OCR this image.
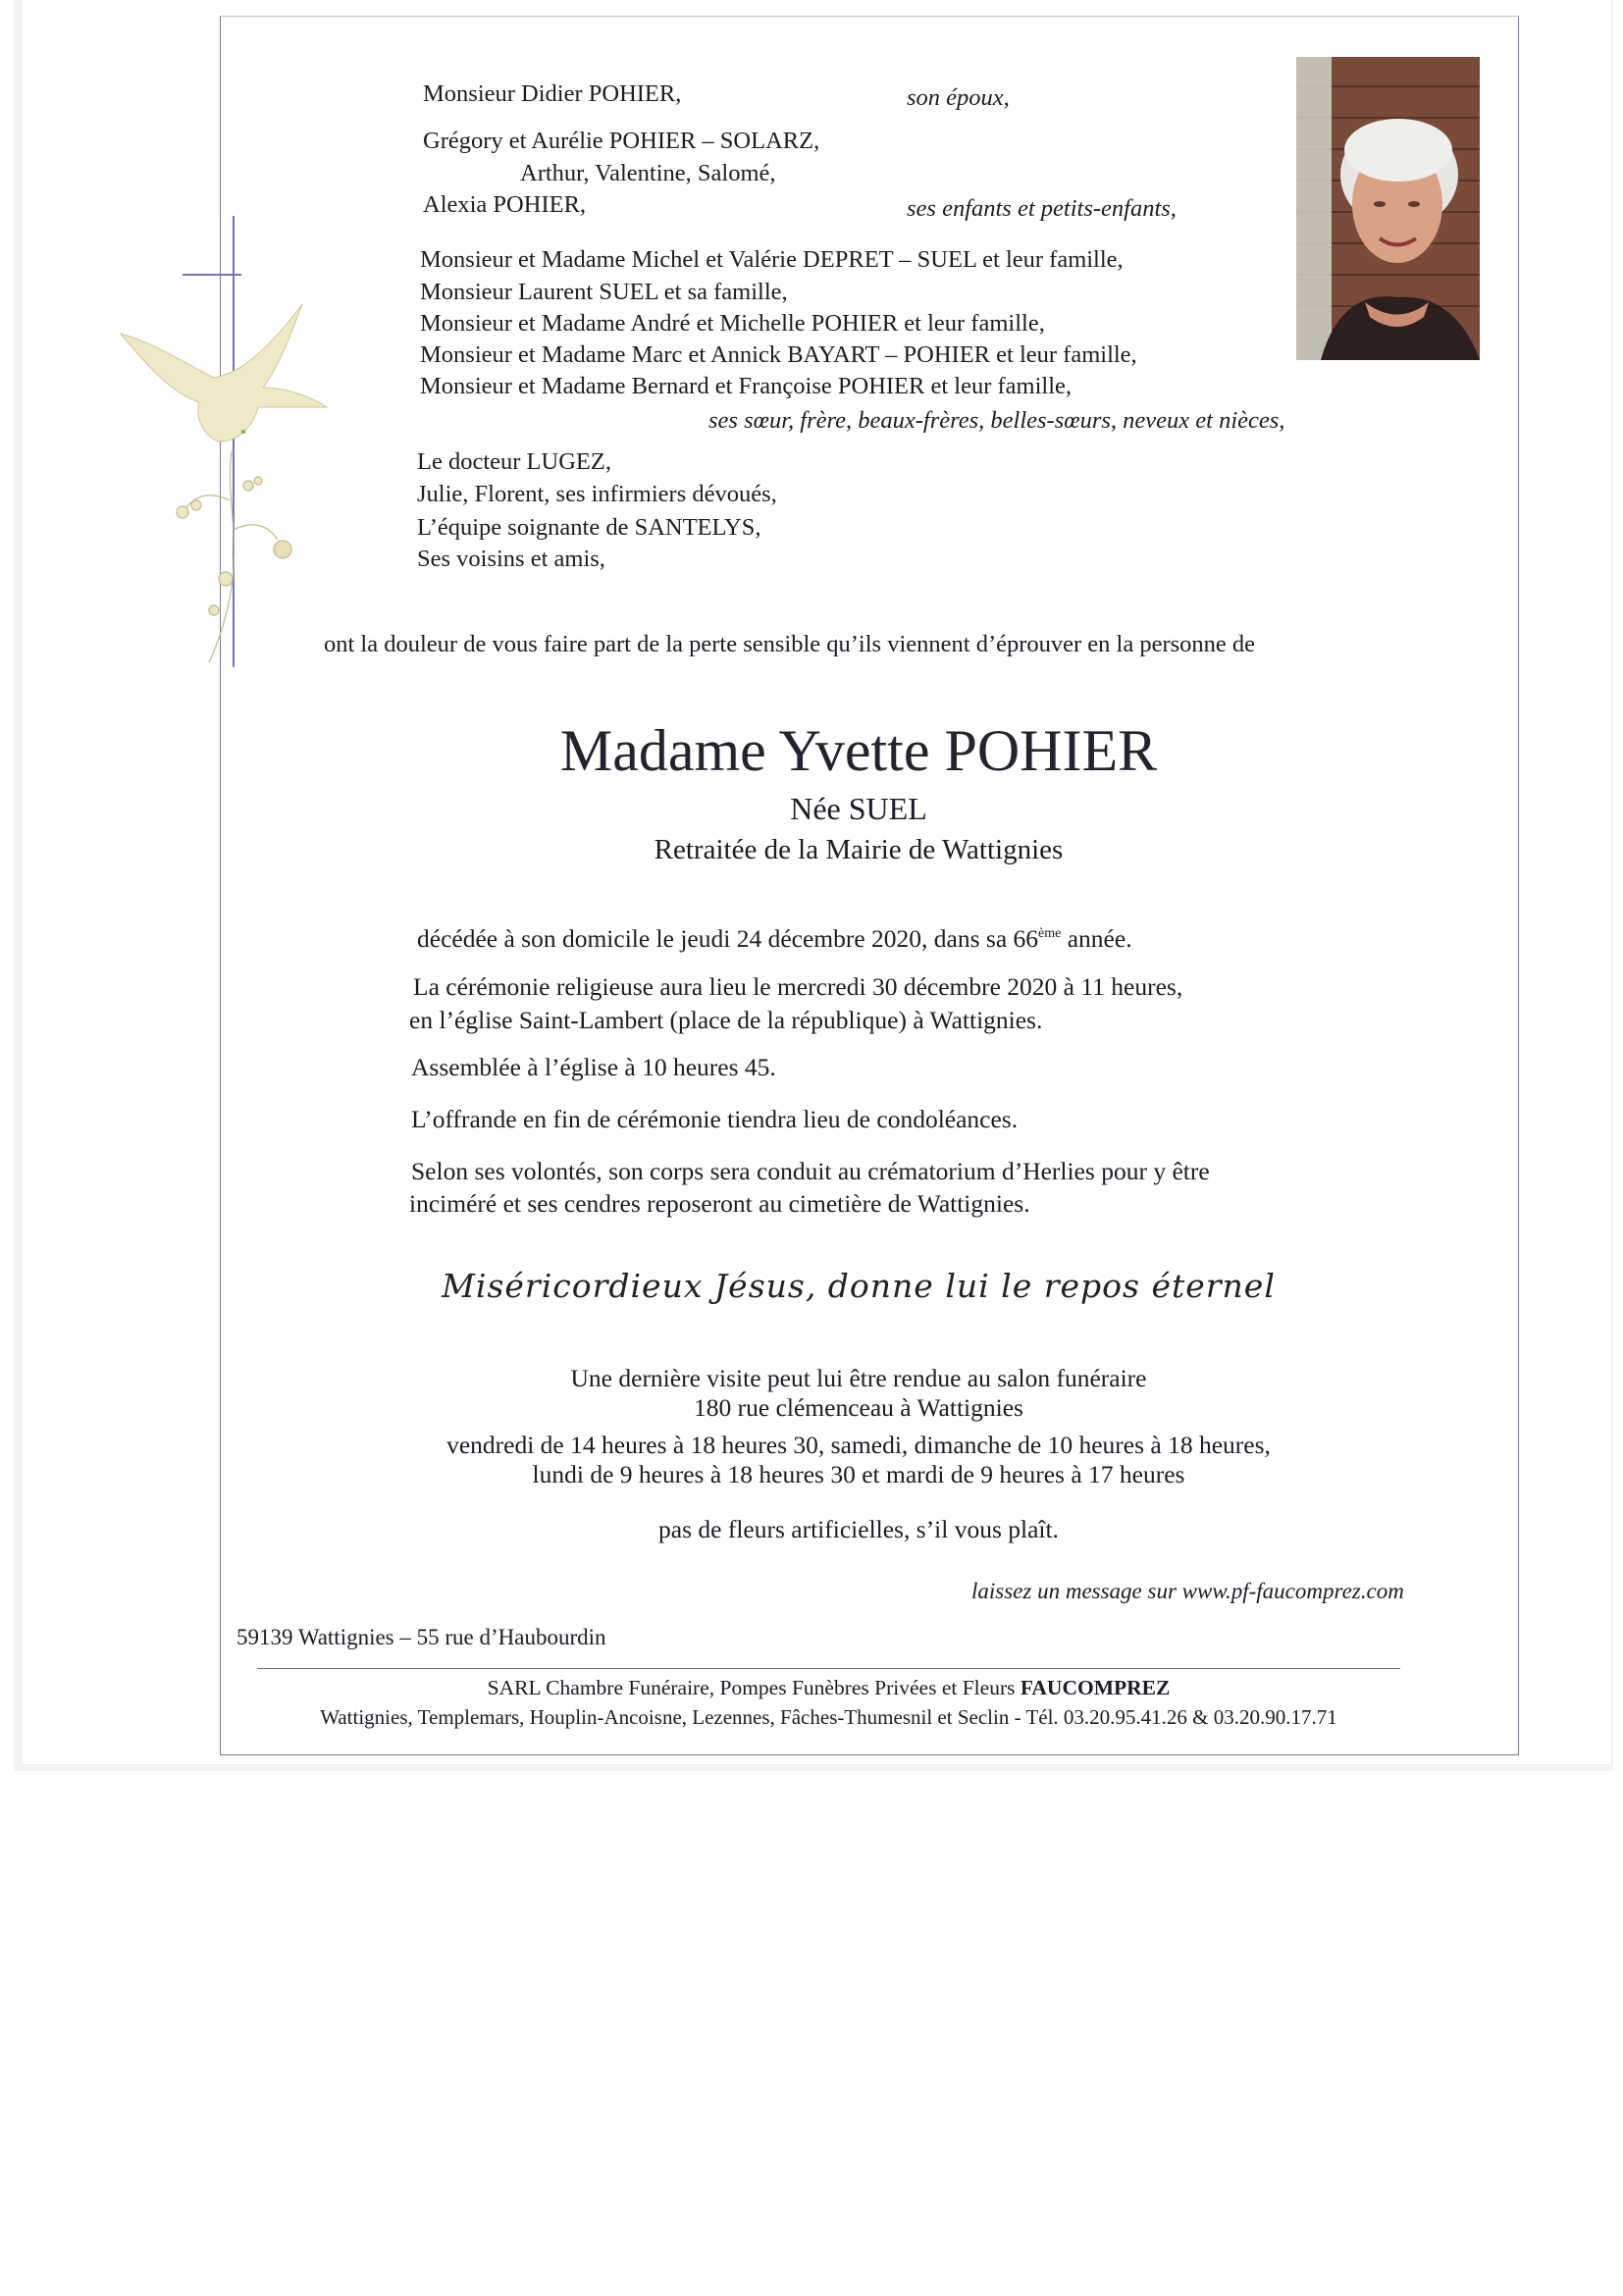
Monsieur Didier POHIER,	son époux,
Grégory et Aurélie POHIER – SOLARZ,
Arthur, Valentine, Salomé,
Alexia POHIER,	ses enfants et petits-enfants,
Monsieur et Madame Michel et Valérie DEPRET – SUEL et leur famille,
Monsieur Laurent SUEL et sa famille,
Monsieur et Madame André et Michelle POHIER et leur famille,
Monsieur et Madame Marc et Annick BAYART – POHIER et leur famille,
Monsieur et Madame Bernard et Françoise POHIER et leur famille,
ses sœur, frère, beaux-frères, belles-sœurs, neveux et nièces,
Le docteur LUGEZ,
Julie, Florent, ses infirmiers dévoués,
L’équipe soignante de SANTELYS,
Ses voisins et amis,
ont la douleur de vous faire part de la perte sensible qu’ils viennent d’éprouver en la personne de
Madame Yvette POHIER
Née SUEL
Retraitée de la Mairie de Wattignies
décédée à son domicile le jeudi 24 décembre 2020, dans sa 66ème année.
La cérémonie religieuse aura lieu le mercredi 30 décembre 2020 à 11 heures,
en l’église Saint-Lambert (place de la république) à Wattignies.
Assemblée à l’église à 10 heures 45.
L’offrande en fin de cérémonie tiendra lieu de condoléances.
Selon ses volontés, son corps sera conduit au crématorium d’Herlies pour y être
inciméré et ses cendres reposeront au cimetière de Wattignies.
Miséricordieux Jésus, donne lui le repos éternel
Une dernière visite peut lui être rendue au salon funéraire
180 rue clémenceau à Wattignies
vendredi de 14 heures à 18 heures 30, samedi, dimanche de 10 heures à 18 heures,
lundi de 9 heures à 18 heures 30 et mardi de 9 heures à 17 heures
pas de fleurs artificielles, s’il vous plaît.
laissez un message sur www.pf-faucomprez.com
59139 Wattignies – 55 rue d’Haubourdin
SARL Chambre Funéraire, Pompes Funèbres Privées et Fleurs FAUCOMPREZ
Wattignies, Templemars, Houplin-Ancoisne, Lezennes, Fâches-Thumesnil et Seclin - Tél. 03.20.95.41.26 & 03.20.90.17.71
